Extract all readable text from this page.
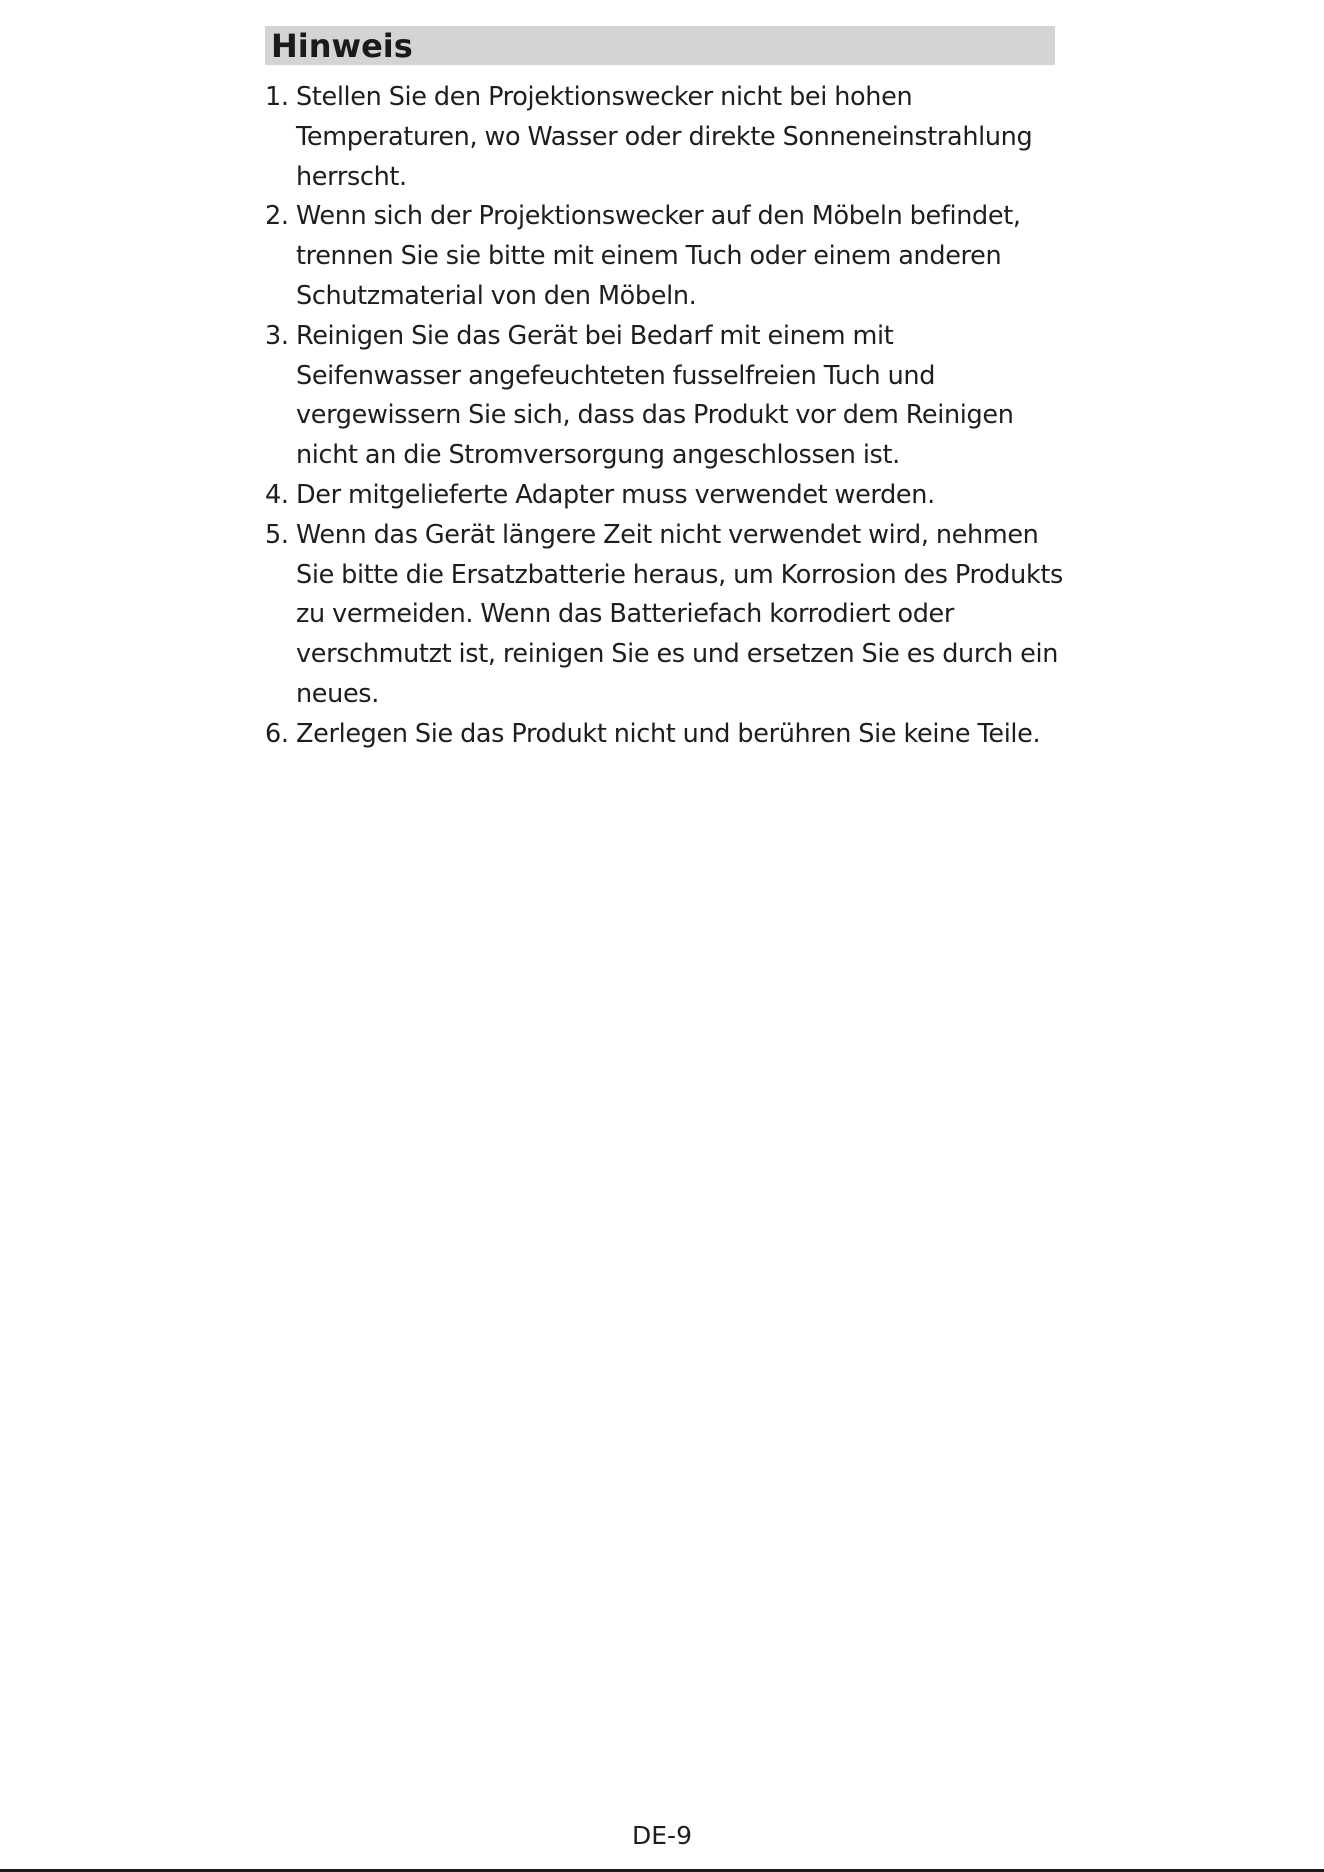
Hinweis
1. Stellen Sie den Projektionswecker nicht bei hohen Temperaturen, wo Wasser oder direkte Sonneneinstrahlung herrscht.
2. Wenn sich der Projektionswecker auf den Möbeln befindet, trennen Sie sie bitte mit einem Tuch oder einem anderen Schutzmaterial von den Möbeln.
3. Reinigen Sie das Gerät bei Bedarf mit einem mit Seifenwasser angefeuchteten fusselfreien Tuch und vergewissern Sie sich, dass das Produkt vor dem Reinigen nicht an die Stromversorgung angeschlossen ist.
4. Der mitgelieferte Adapter muss verwendet werden.
5. Wenn das Gerät längere Zeit nicht verwendet wird, nehmen Sie bitte die Ersatzbatterie heraus, um Korrosion des Produkts zu vermeiden. Wenn das Batteriefach korrodiert oder verschmutzt ist, reinigen Sie es und ersetzen Sie es durch ein neues.
6. Zerlegen Sie das Produkt nicht und berühren Sie keine Teile.
DE-9
